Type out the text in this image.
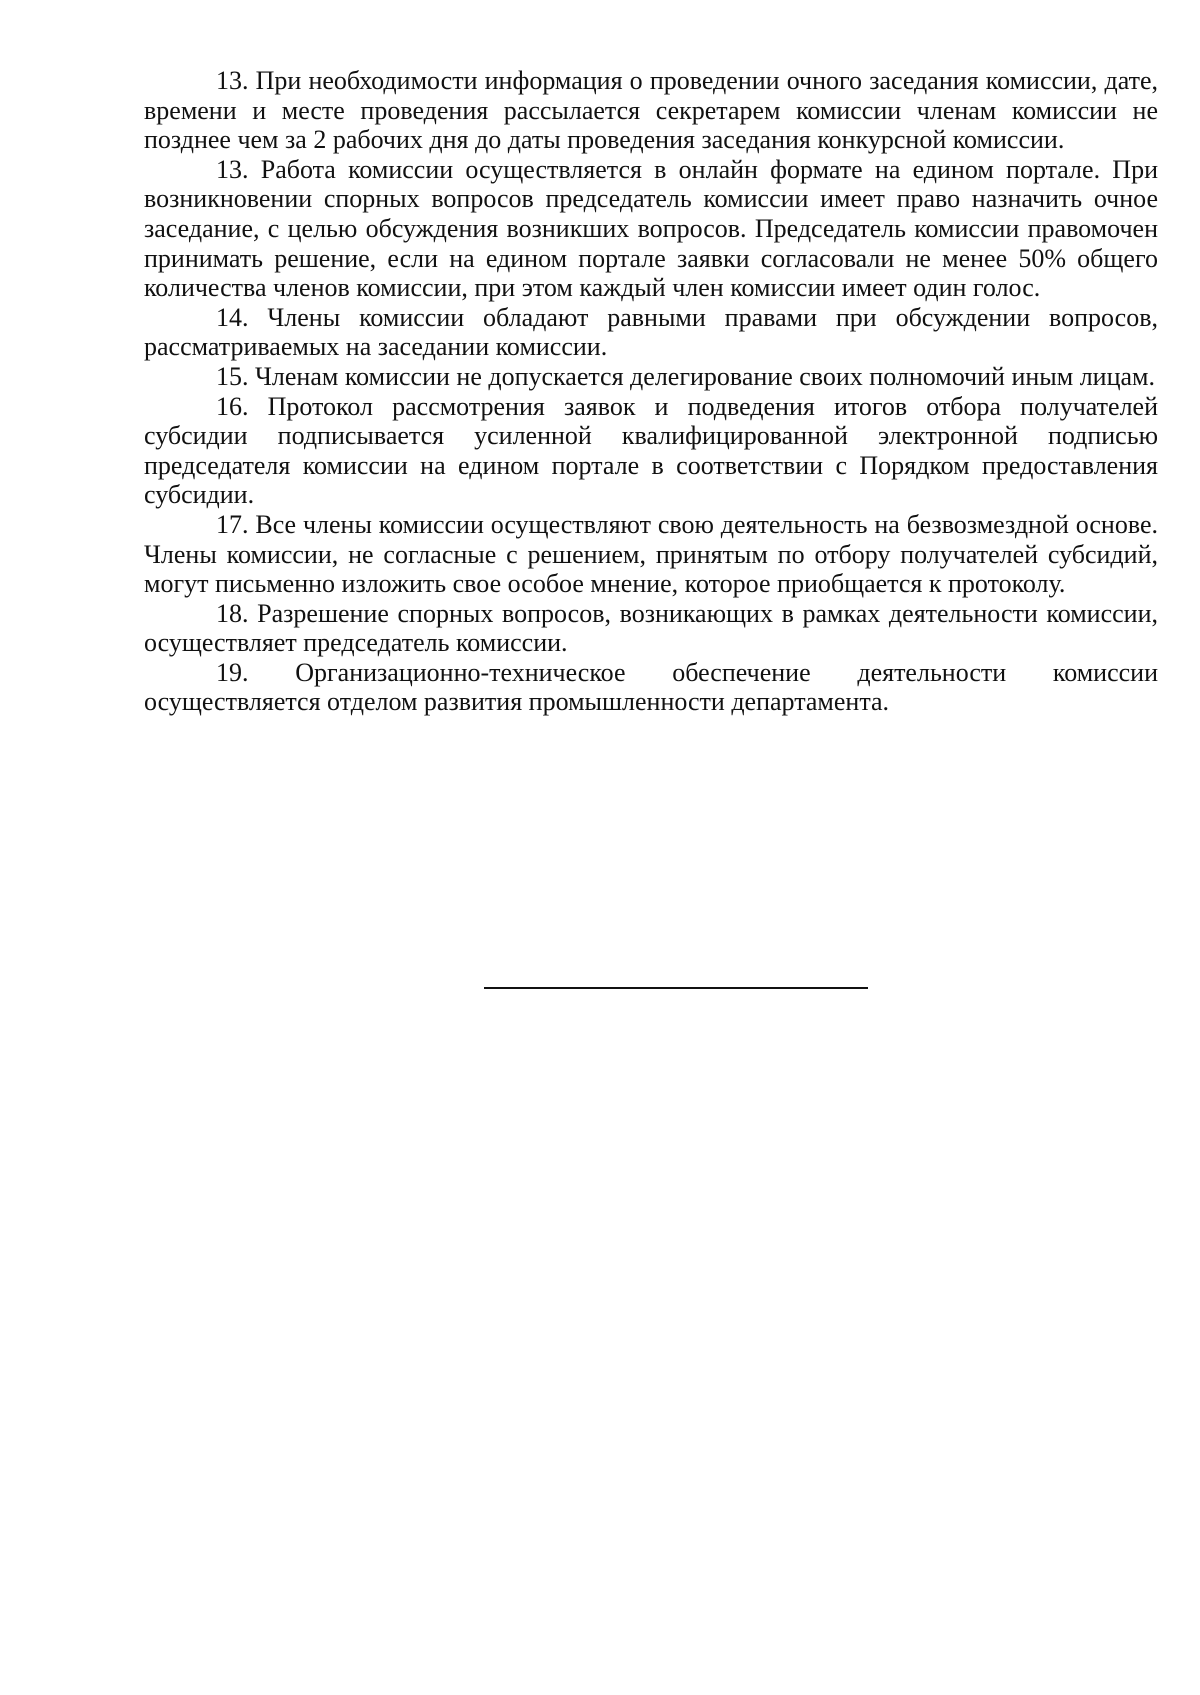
13. При необходимости информация о проведении очного заседания комиссии, дате, времени и месте проведения рассылается секретарем комиссии членам комиссии не позднее чем за 2 рабочих дня до даты проведения заседания конкурсной комиссии.

13. Работа комиссии осуществляется в онлайн формате на едином портале. При возникновении спорных вопросов председатель комиссии имеет право назначить очное заседание, с целью обсуждения возникших вопросов. Председатель комиссии правомочен принимать решение, если на едином портале заявки согласовали не менее 50% общего количества членов комиссии, при этом каждый член комиссии имеет один голос.

14. Члены комиссии обладают равными правами при обсуждении вопросов, рассматриваемых на заседании комиссии.

15. Членам комиссии не допускается делегирование своих полномочий иным лицам.

16. Протокол рассмотрения заявок и подведения итогов отбора получателей субсидии подписывается усиленной квалифицированной электронной подписью председателя комиссии на едином портале в соответствии с Порядком предоставления субсидии.

17. Все члены комиссии осуществляют свою деятельность на безвозмездной основе. Члены комиссии, не согласные с решением, принятым по отбору получателей субсидий, могут письменно изложить свое особое мнение, которое приобщается к протоколу.

18. Разрешение спорных вопросов, возникающих в рамках деятельности комиссии, осуществляет председатель комиссии.

19. Организационно-техническое обеспечение деятельности комиссии осуществляется отделом развития промышленности департамента.
